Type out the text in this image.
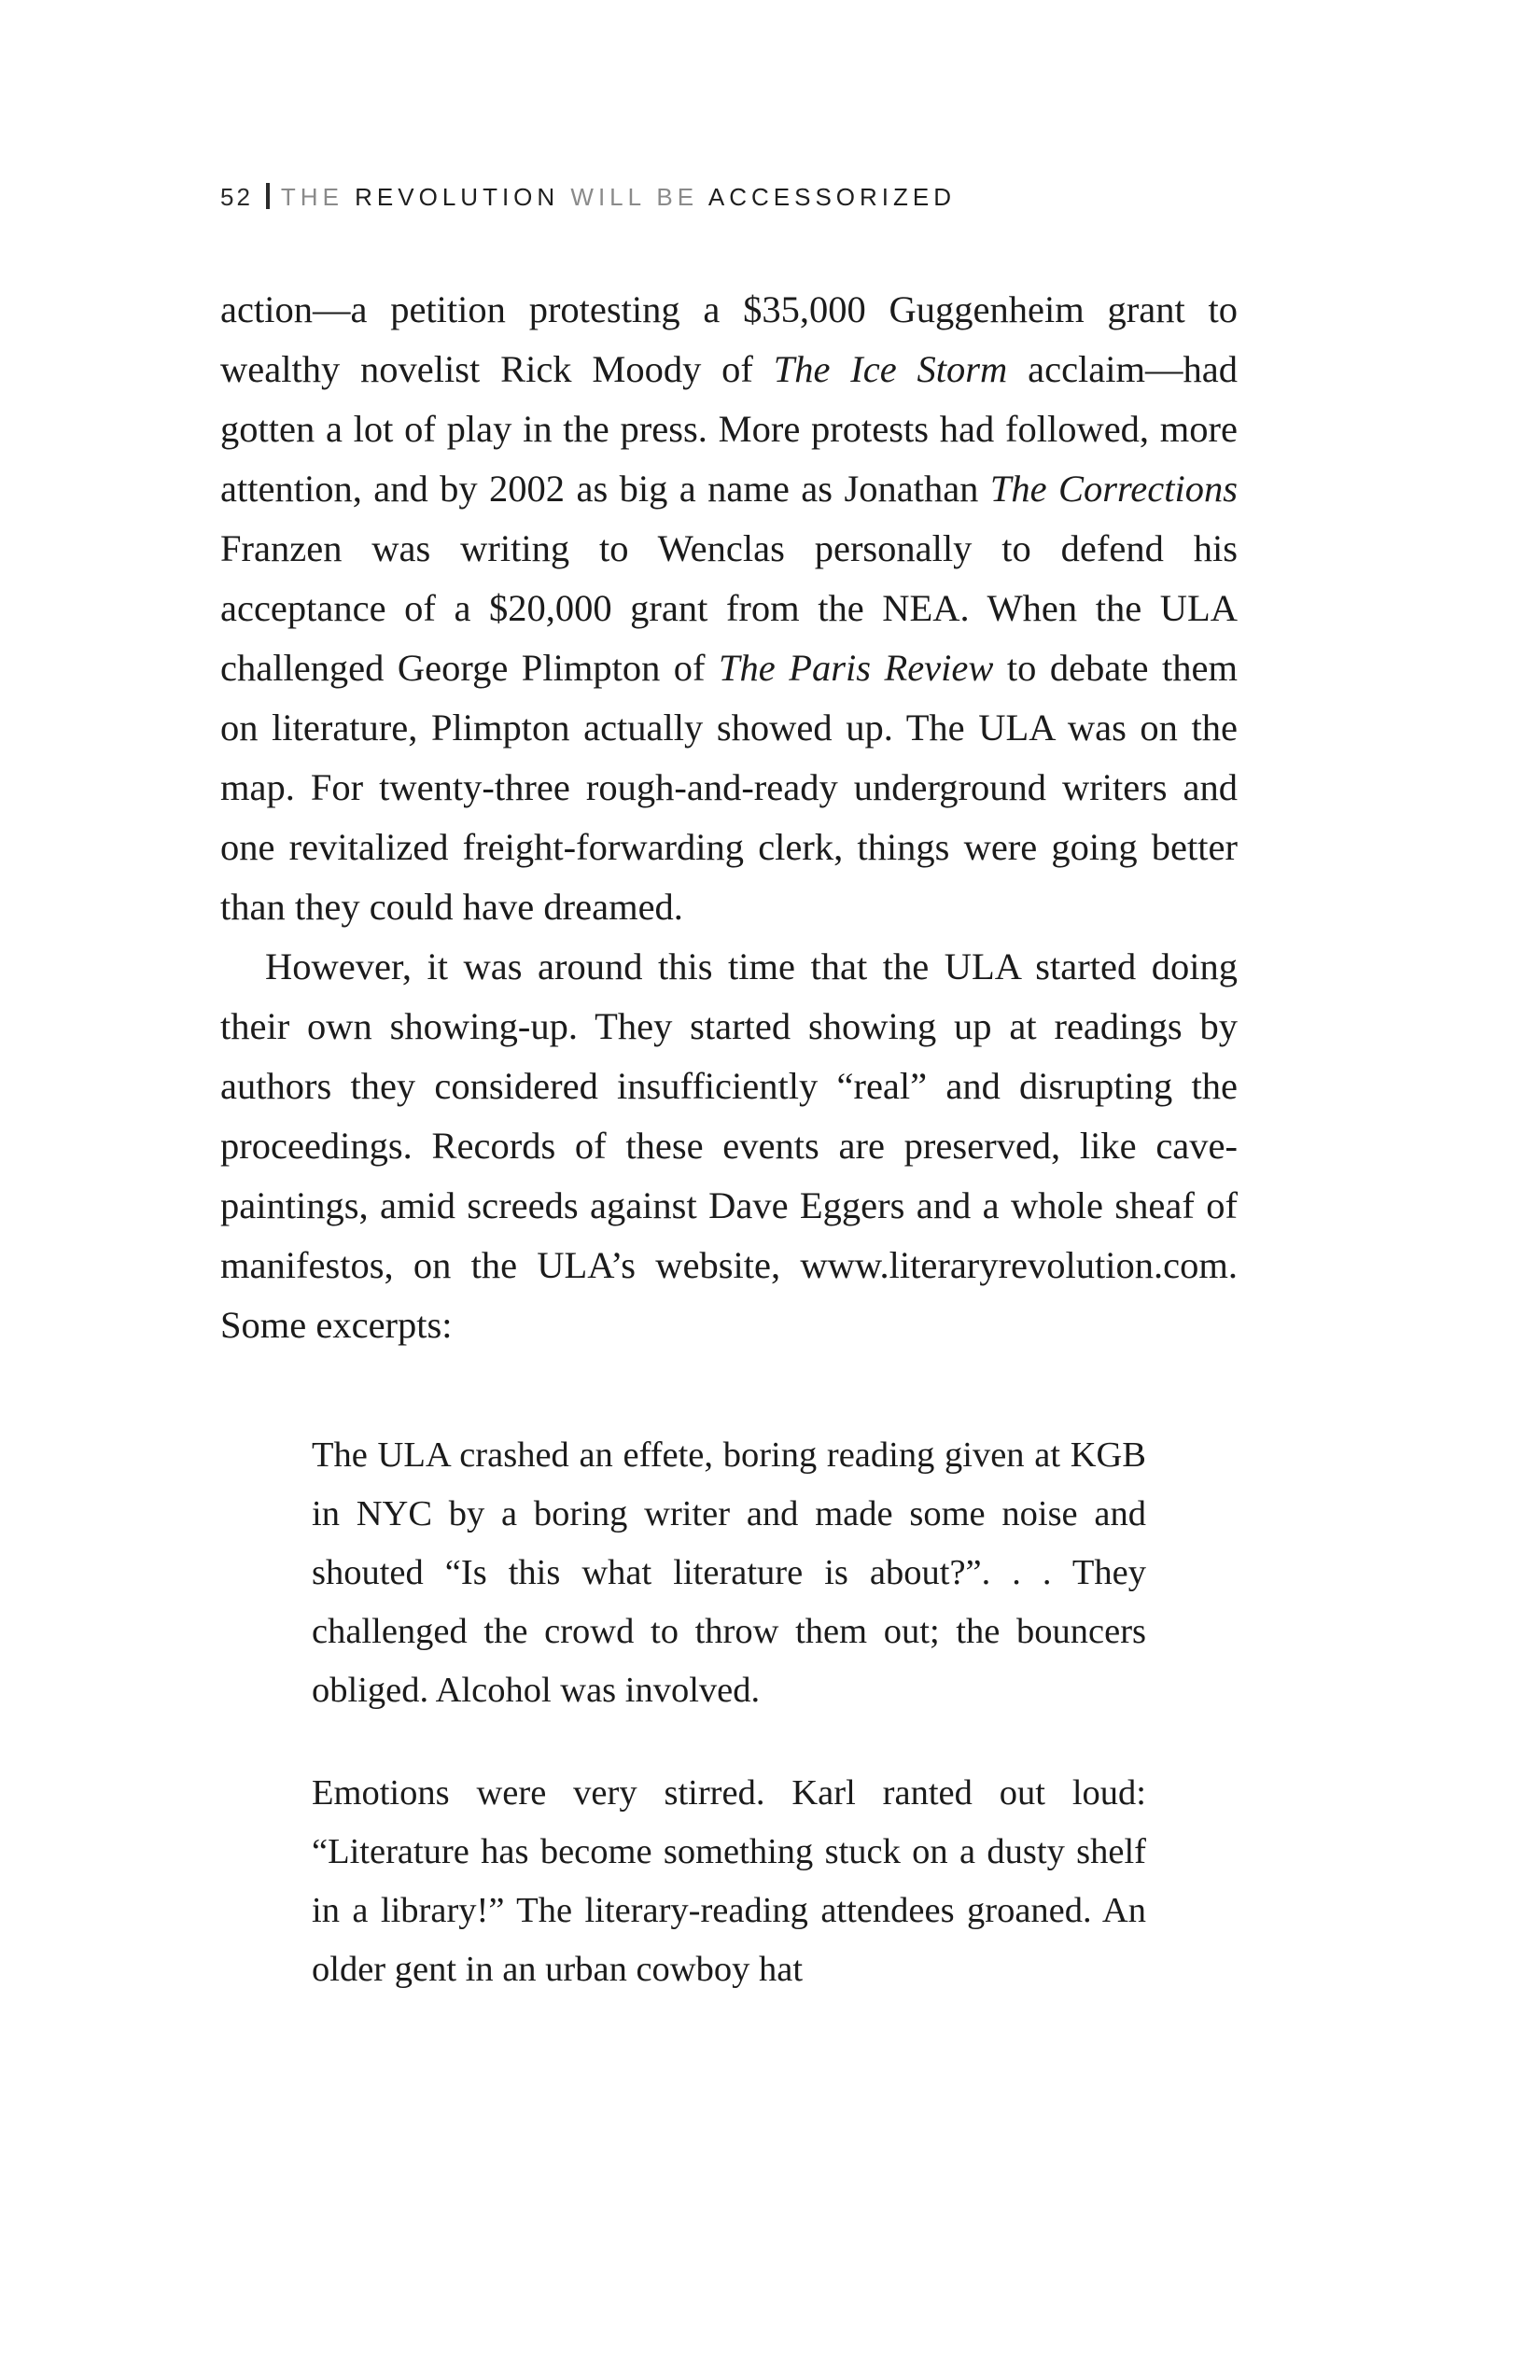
52 THE REVOLUTION WILL BE ACCESSORIZED

action—a petition protesting a $35,000 Guggenheim grant to wealthy novelist Rick Moody of The Ice Storm acclaim—had gotten a lot of play in the press. More protests had followed, more attention, and by 2002 as big a name as Jonathan The Corrections Franzen was writing to Wenclas personally to defend his acceptance of a $20,000 grant from the NEA. When the ULA challenged George Plimpton of The Paris Review to debate them on literature, Plimpton actually showed up. The ULA was on the map. For twenty-three rough-and-ready underground writers and one revitalized freight-forwarding clerk, things were going better than they could have dreamed.

However, it was around this time that the ULA started doing their own showing-up. They started showing up at readings by authors they considered insufficiently “real” and disrupting the proceedings. Records of these events are preserved, like cave-paintings, amid screeds against Dave Eggers and a whole sheaf of manifestos, on the ULA’s website, www.literaryrevolution.com. Some excerpts:

The ULA crashed an effete, boring reading given at KGB in NYC by a boring writer and made some noise and shouted “Is this what literature is about?”. . . They challenged the crowd to throw them out; the bouncers obliged. Alcohol was involved.

Emotions were very stirred. Karl ranted out loud: “Literature has become something stuck on a dusty shelf in a library!” The literary-reading attendees groaned. An older gent in an urban cowboy hat
